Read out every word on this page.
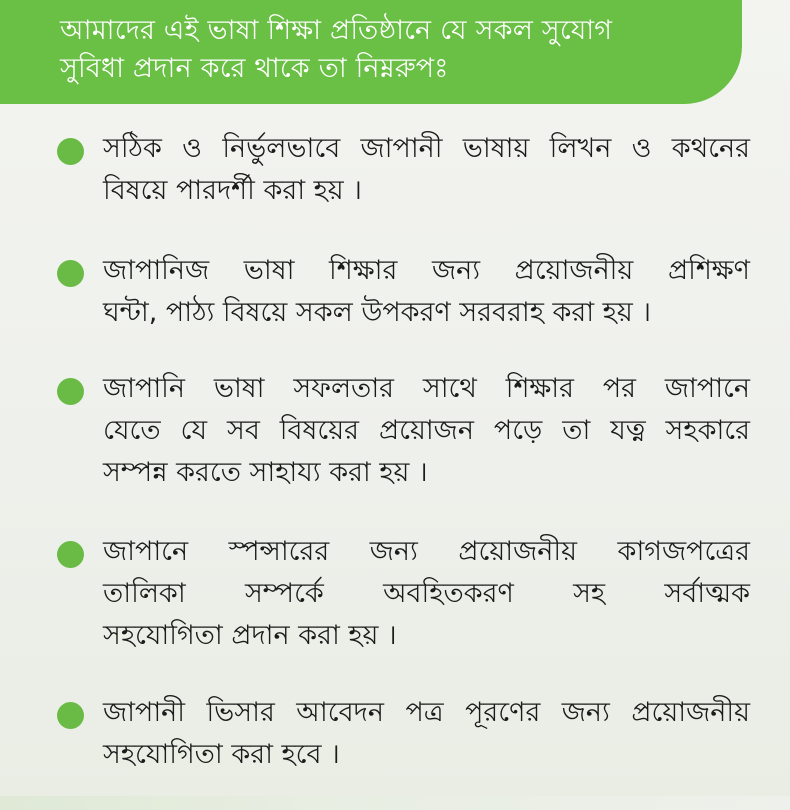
আমাদের এই ভাষা শিক্ষা প্রতিষ্ঠানে যে সকল সুযোগ
সুবিধা প্রদান করে থাকে তা নিম্নরুপঃ
সঠিক ও নির্ভুলভাবে জাপানী ভাষায় লিখন ও কথনের
বিষয়ে পারদর্শী করা হয় ।
জাপানিজ ভাষা শিক্ষার জন্য প্রয়োজনীয় প্রশিক্ষণ
ঘন্টা, পাঠ্য বিষয়ে সকল উপকরণ সরবরাহ করা হয় ।
জাপানি ভাষা সফলতার সাথে শিক্ষার পর জাপানে
যেতে যে সব বিষয়ের প্রয়োজন পড়ে তা যত্ন সহকারে
সম্পন্ন করতে সাহায্য করা হয় ।
জাপানে স্পন্সারের জন্য প্রয়োজনীয় কাগজপত্রের
তালিকা সম্পর্কে অবহিতকরণ সহ সর্বাত্মক
সহযোগিতা প্রদান করা হয় ।
জাপানী ভিসার আবেদন পত্র পূরণের জন্য প্রয়োজনীয়
সহযোগিতা করা হবে ।
